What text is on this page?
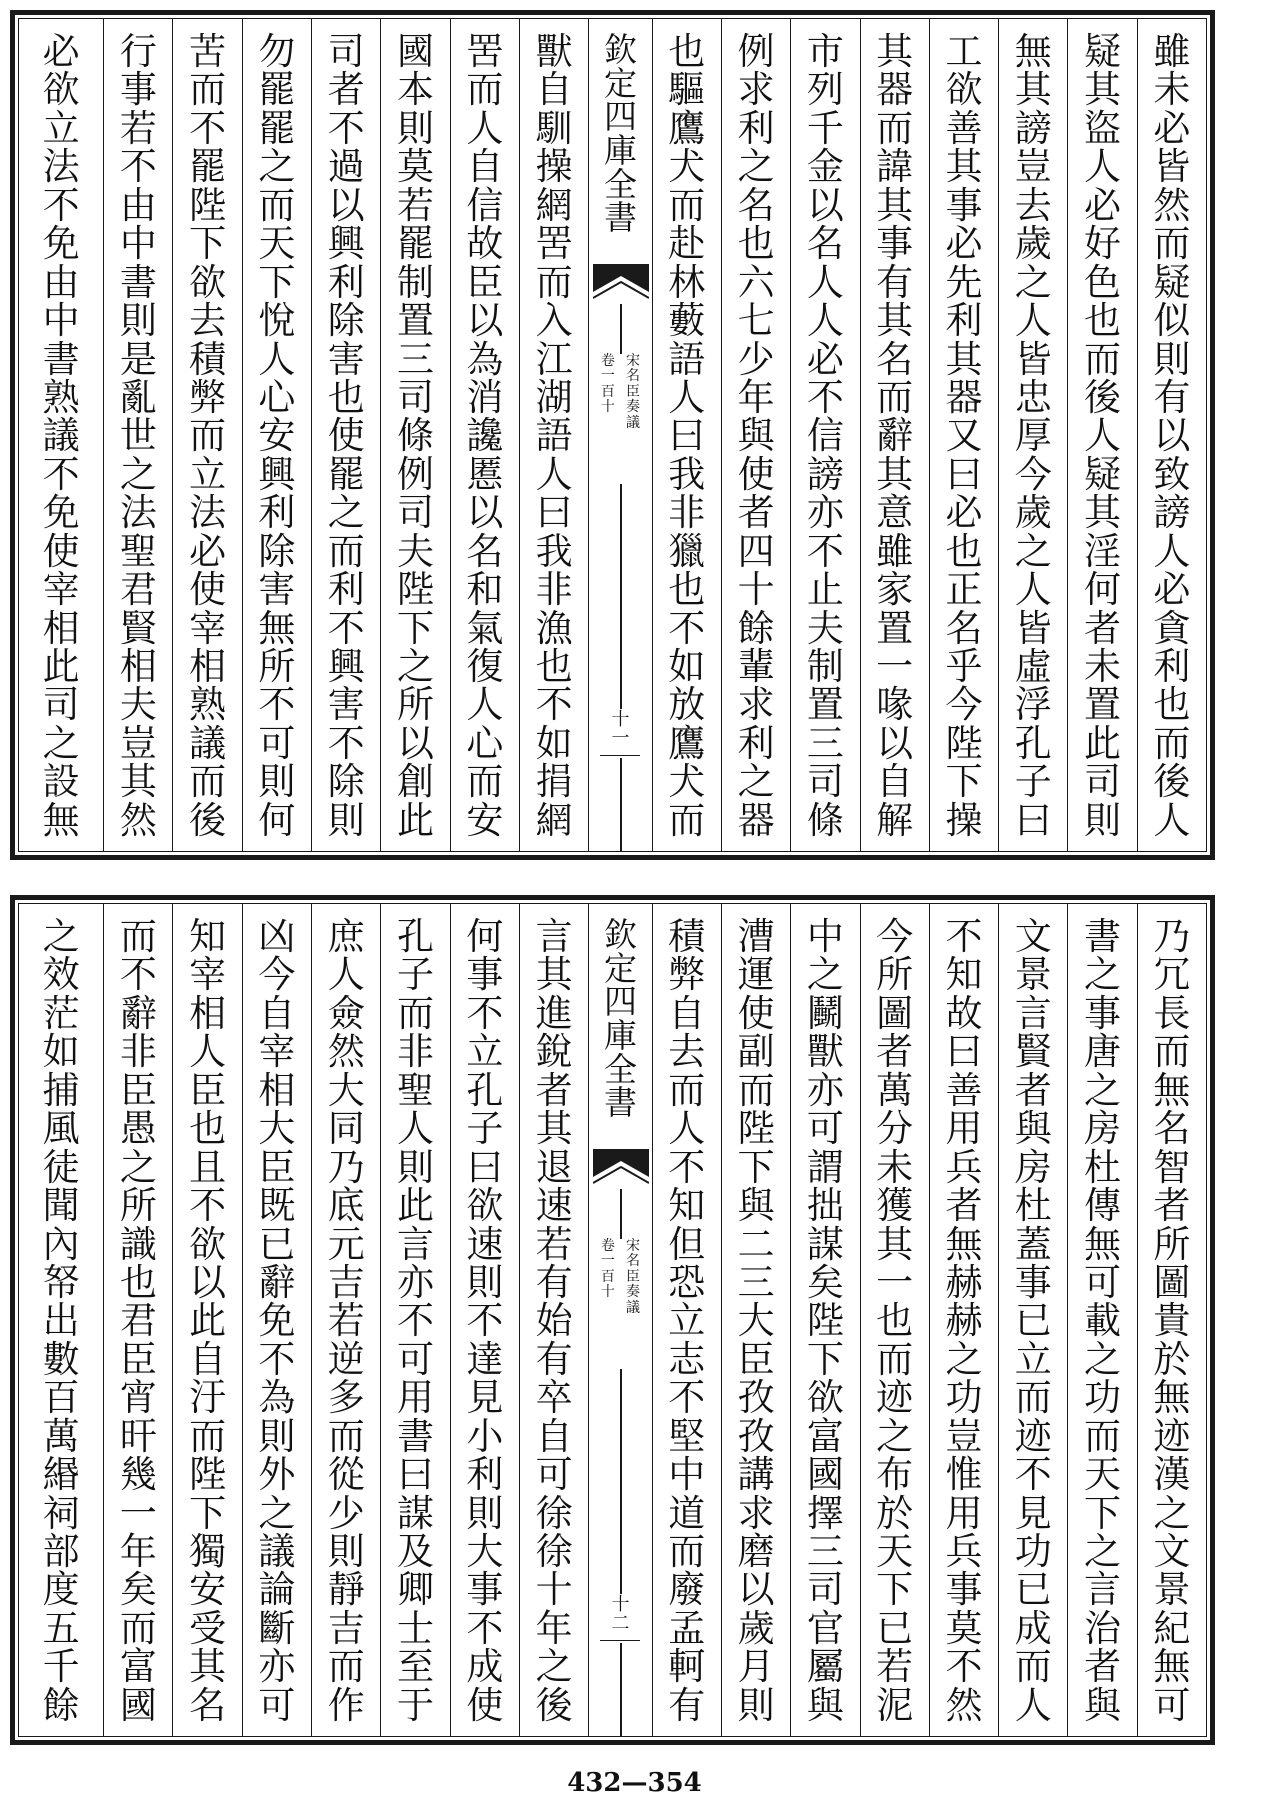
雖
未
必
皆
然
而
疑
似
則
有
以
致
謗
人
必
貪
利
也
而
後
人
疑
其
盜
人
必
好
色
也
而
後
人
疑
其
淫
何
者
未
置
此
司
則
無
其
謗
豈
去
歲
之
人
皆
忠
厚
今
歲
之
人
皆
虛
浮
孔
子
曰
工
欲
善
其
事
必
先
利
其
器
又
曰
必
也
正
名
乎
今
陛
下
操
其
器
而
諱
其
事
有
其
名
而
辭
其
意
雖
家
置
一
喙
以
自
解
市
列
千
金
以
名
人
人
必
不
信
謗
亦
不
止
夫
制
置
三
司
條
例
求
利
之
名
也
六
七
少
年
與
使
者
四
十
餘
輩
求
利
之
器
也
驅
鷹
犬
而
赴
林
藪
語
人
曰
我
非
獵
也
不
如
放
鷹
犬
而
欽
定
四
庫
全
書
宋
名
臣
奏
議
卷
一
百
十
十
一
獸
自
馴
操
網
罟
而
入
江
湖
語
人
曰
我
非
漁
也
不
如
捐
網
罟
而
人
自
信
故
臣
以
為
消
讒
慝
以
名
和
氣
復
人
心
而
安
國
本
則
莫
若
罷
制
置
三
司
條
例
司
夫
陛
下
之
所
以
創
此
司
者
不
過
以
興
利
除
害
也
使
罷
之
而
利
不
興
害
不
除
則
勿
罷
罷
之
而
天
下
悅
人
心
安
興
利
除
害
無
所
不
可
則
何
苦
而
不
罷
陛
下
欲
去
積
弊
而
立
法
必
使
宰
相
熟
議
而
後
行
事
若
不
由
中
書
則
是
亂
世
之
法
聖
君
賢
相
夫
豈
其
然
必
欲
立
法
不
免
由
中
書
熟
議
不
免
使
宰
相
此
司
之
設
無
乃
冗
長
而
無
名
智
者
所
圖
貴
於
無
迹
漢
之
文
景
紀
無
可
書
之
事
唐
之
房
杜
傳
無
可
載
之
功
而
天
下
之
言
治
者
與
文
景
言
賢
者
與
房
杜
蓋
事
已
立
而
迹
不
見
功
已
成
而
人
不
知
故
曰
善
用
兵
者
無
赫
赫
之
功
豈
惟
用
兵
事
莫
不
然
今
所
圖
者
萬
分
未
獲
其
一
也
而
迹
之
布
於
天
下
已
若
泥
中
之
鬭
獸
亦
可
謂
拙
謀
矣
陛
下
欲
富
國
擇
三
司
官
屬
與
漕
運
使
副
而
陛
下
與
二
三
大
臣
孜
孜
講
求
磨
以
歲
月
則
積
弊
自
去
而
人
不
知
但
恐
立
志
不
堅
中
道
而
廢
孟
軻
有
欽
定
四
庫
全
書
宋
名
臣
奏
議
卷
一
百
十
十
二
言
其
進
銳
者
其
退
速
若
有
始
有
卒
自
可
徐
徐
十
年
之
後
何
事
不
立
孔
子
曰
欲
速
則
不
達
見
小
利
則
大
事
不
成
使
孔
子
而
非
聖
人
則
此
言
亦
不
可
用
書
曰
謀
及
卿
士
至
于
庶
人
僉
然
大
同
乃
底
元
吉
若
逆
多
而
從
少
則
靜
吉
而
作
凶
今
自
宰
相
大
臣
既
已
辭
免
不
為
則
外
之
議
論
斷
亦
可
知
宰
相
人
臣
也
且
不
欲
以
此
自
汙
而
陛
下
獨
安
受
其
名
而
不
辭
非
臣
愚
之
所
識
也
君
臣
宵
旰
幾
一
年
矣
而
富
國
之
效
茫
如
捕
風
徒
聞
內
帑
出
數
百
萬
緡
祠
部
度
五
千
餘
432—354
